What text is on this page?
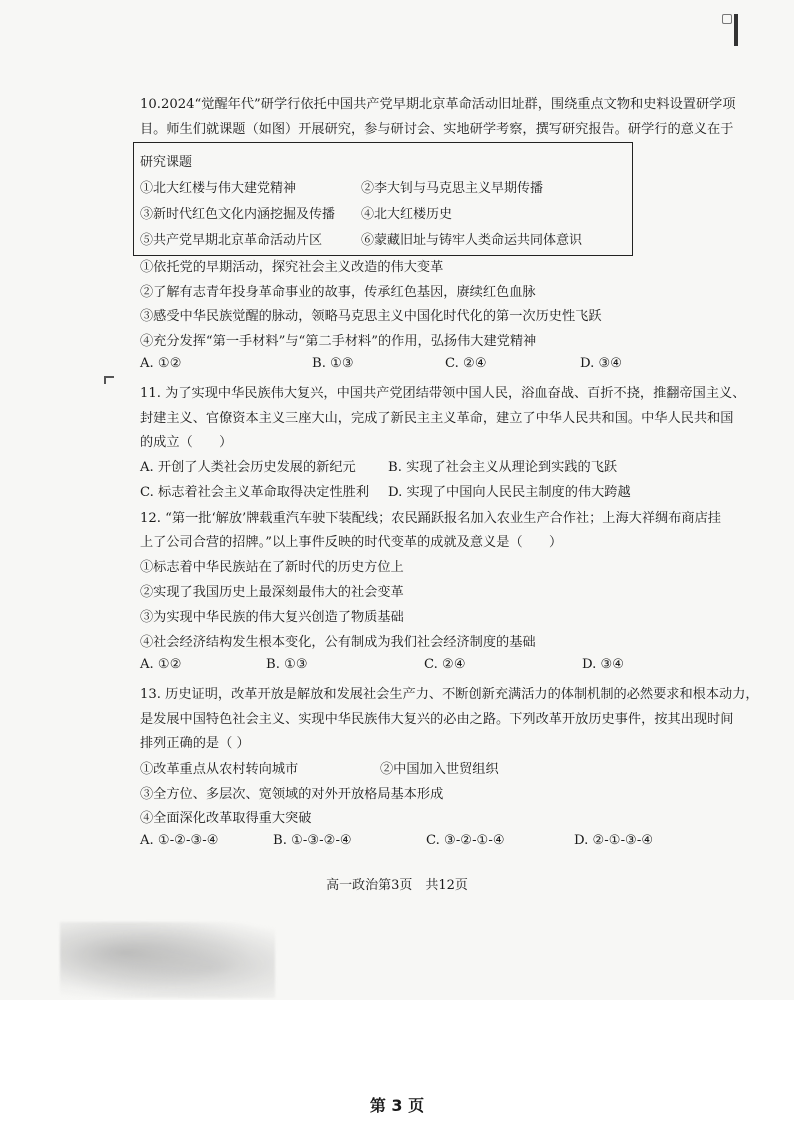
10.2024“觉醒年代”研学行依托中国共产党早期北京革命活动旧址群，围绕重点文物和史料设置研学项
目。师生们就课题（如图）开展研究，参与研讨会、实地研学考察，撰写研究报告。研学行的意义在于
研究课题
①北大红楼与伟大建党精神	②李大钊与马克思主义早期传播
③新时代红色文化内涵挖掘及传播 ④北大红楼历史
⑤共产党早期北京革命活动片区	⑥蒙藏旧址与铸牢人类命运共同体意识
①依托党的早期活动，探究社会主义改造的伟大变革
②了解有志青年投身革命事业的故事，传承红色基因，赓续红色血脉
③感受中华民族觉醒的脉动，领略马克思主义中国化时代化的第一次历史性飞跃
④充分发挥“第一手材料”与“第二手材料”的作用，弘扬伟大建党精神
A. ①②	B. ①③	C. ②④	D. ③④
11. 为了实现中华民族伟大复兴，中国共产党团结带领中国人民，浴血奋战、百折不挠，推翻帝国主义、
封建主义、官僚资本主义三座大山，完成了新民主主义革命，建立了中华人民共和国。中华人民共和国
的成立（　　）
A. 开创了人类社会历史发展的新纪元 B. 实现了社会主义从理论到实践的飞跃
C. 标志着社会主义革命取得决定性胜利 D. 实现了中国向人民民主制度的伟大跨越
12. “第一批‘解放’牌载重汽车驶下装配线；农民踊跃报名加入农业生产合作社；上海大祥绸布商店挂
上了公司合营的招牌。”以上事件反映的时代变革的成就及意义是（　　）
①标志着中华民族站在了新时代的历史方位上
②实现了我国历史上最深刻最伟大的社会变革
③为实现中华民族的伟大复兴创造了物质基础
④社会经济结构发生根本变化，公有制成为我们社会经济制度的基础
A. ①②	B. ①③	C. ②④	D. ③④
13. 历史证明，改革开放是解放和发展社会生产力、不断创新充满活力的体制机制的必然要求和根本动力，
是发展中国特色社会主义、实现中华民族伟大复兴的必由之路。下列改革开放历史事件，按其出现时间
排列正确的是（ ）
①改革重点从农村转向城市	②中国加入世贸组织
③全方位、多层次、宽领域的对外开放格局基本形成
④全面深化改革取得重大突破
A. ①-②-③-④	B. ①-③-②-④	C. ③-②-①-④	D. ②-①-③-④
高一政治第3页　共12页
第 3 页
